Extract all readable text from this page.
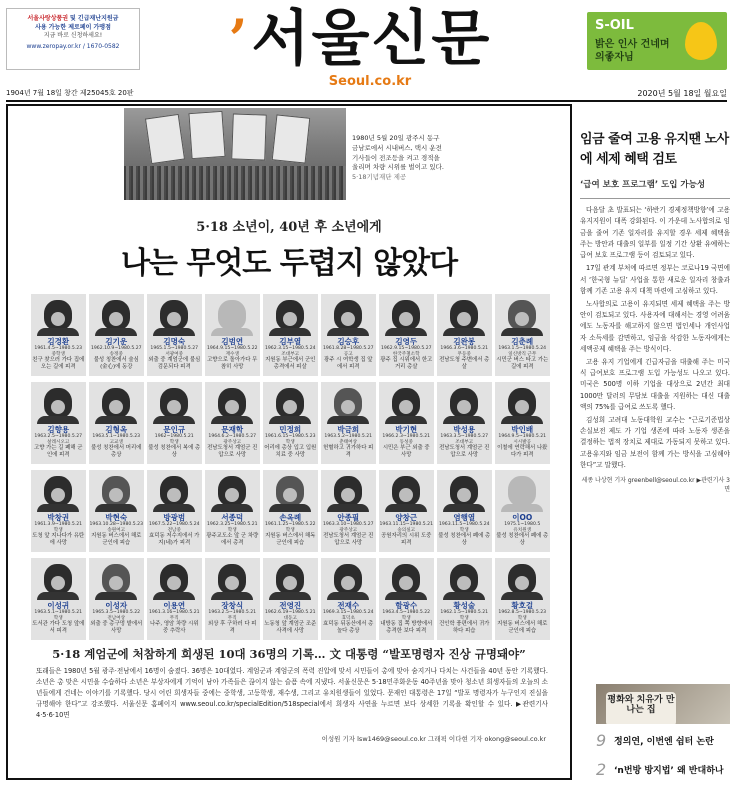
서울사랑상품권 및 긴급재난지원금
사용 가능한 제로페이 가맹점
지금 바로 신청하세요!
www.zeropay.or.kr / 1670-0582	’서울신문
Seoul.co.kr
S-OIL
밝은 인사 건네며
의좋자님
1904년 7월 18일 창간 제25045호 20판	2020년 5월 18일 월요일
1980년 5월 20일 광주시 동구 금남로에서 시내버스, 택시 운전기사들이 전조등을 켜고 경적을 울리며 차량 시위를 벌이고 있다. 5·18기념재단 제공
5·18 소년이, 40년 후 소년에게
나는 무엇도 두렵지 않았다
김경환
1961.4.5~1980.5.23
중학생
친구 찾으러 가다 집에 오는 길에 피격
김기운
1962.10.9~1980.5.27
송정중
불성 칭찬에서 술심(金心)에 동강
김명숙
1965.1.5~1980.5.27
서광여중
외출 중 계엄군에 불심검문되다 피격
김범연
1964.9.15~1980.5.22
재수생
고향으로 돌아가다 무참히 사망
김부열
1962.3.15~1980.5.24
조대부고
지원동 부근에서 군인 총격에서 피살
김승후
1961.8.28~1980.5.27
공고
광주 시 여학생 집 앞에서 피격
김영두
1962.9.15~1980.5.27
한국주철소학
광주 집 시위에서 한고 거리 총살
김완봉
1966.3.6~1980.5.21
무등중
전남도청 주변에서 총살
김춘례
1963.1.5~1980.5.24
일신방직 근무
시민군 버스 타고 가는 길에 피격
김향용
1963.2.5~1980.5.27
살레시오고
고향 가는 길 폐해 군인에 피격
김형옥
1963.5.1~1980.5.23
고교생
불성 칭찬에서 머리에 총상
문인규
1962~1980.5.21
학생
불성 칭찬에서 복에 총상
문재학
1964.6.2~1980.5.27
광주상고
전남도청서 계엄군 진압으로 사망
민정희
1961.6.15~1980.5.23
학생
어리에 총상 입고 입원 치료 중 사망
박금희
1963.5.2~1980.5.21
춘태여상
헌혈하고 귀가하다 피격
박기현
1966.2.3~1980.5.21
동성중
시민은 부근 외출 중 사망
박성용
1963.3.5~1980.5.27
조대부고
전남도청서 계엄군 진압으로 사망
박인배
1964.9.5~1980.5.21
시시발공
이철에 연락해서 나왔다가 피격
박창권
1961.3.9~1980.5.21
학생
도청 앞 지나다가 유탄에 사망
박현숙
1963.10.28~1980.5.23
송원여고
지원동 버스에서 해로 군인에 피습
방광범
1967.5.22~1980.5.24
전남중
효덕동 저수지에서 가지(네)가 피격
서종덕
1962.3.25~1980.5.21
학생
광주교도소 앞 군 차량에서 총격
손옥례
1961.1.25~1980.5.22
학생
지원동 버스에서 해독 군인에 피습
안종필
1963.3.10~1980.5.27
광주상고
전남도청서 계엄군 진압으로 사망
양창근
1963.11.15~1980.5.21
숭의실고
공원자리의 시위 도중 피격
염행열
1963.11.5~1980.5.24
학생
불성 칭찬에서 폐에 총상
이OO
1975.1~1980.5
유치원생
불성 칭찬에서 폐에 총상
이성귀
1963.5.1~1980.5.21
학생
도서관 가다 도청 앞에서 피격
이성자
1965.3.5~1980.5.22
전남여상
외출 중 총구멍 밭에서 사망
이용연
1961.3.16~1980.5.21
무직
나주, 영암 차량 시위 중 추락사
장창식
1963.2.5~1980.5.21
무직
외상 후 구하러 다 피격
전영진
1962.6.19~1980.5.21
대동고
노동청 앞 계엄군 조준 사격에 사망
전재수
1969.3.15~1980.5.24
효덕초
효덕동 뒤동산에서 총 놀다 총상
함광수
1963.4.5~1980.5.22
학생
내방동 집 쪽 방향에서 총격한 보다 피격
황성술
1962.1.5~1980.5.21
학생
건인학 풍편에서 귀가하다 피습
황호걸
1962.8.5~1980.5.23
학생
지원동 버스에서 해로 군인에 피습
5·18 계엄군에 처참하게 희생된 10대 36명의 기록… 文 대통령 “발포명령자 진상 규명돼야”
또래들은 1980년 5월 광주·전남에서 16명이 숨졌다. 36명은 10대였다. 계엄군과 계엄군의 폭력 진압에 맞서 시민들이 총에 맞아 숨지거나 다치는 사건들을 40년 동안 기록했다. 소년은 총 맞은 시민을 수습하다 소년은 부상자에게 기억이 남아 가족들은 끊이지 않는 슬픔 속에 지냈다. 서울신문은 5·18민주화운동 40주년을 맞아 청소년 희생자들의 오늘의 소년들에게 건네는 이야기를 기록했다. 당시 어린 희생자들 중에는 중학생, 고등학생, 재수생, 그리고 유치원생들이 있었다. 문재인 대통령은 17일 “발포 명령자가 누구인지 진실을 규명해야 한다”고 강조했다. 서울신문 홈페이지 www.seoul.co.kr/specialEdition/518special에서 희생자 사연을 누르면 보다 상세한 기록을 확인할 수 있다. ▶관련기사 4·5·6·10면
이성원 기자 lsw1469@seoul.co.kr 그래픽 이다현 기자 okong@seoul.co.kr
임금 줄여 고용 유지땐 노사에 세제 혜택 검토
‘급여 보호 프로그램’ 도입 가능성

다음달 초 발표되는 ‘하반기 경제정책방향’에 고용 유지지원이 대폭 강화된다. 이 가운데 노사합의로 임금을 줄여 기존 일자리를 유지할 경우 세제 혜택을 주는 방안과 대출의 일부를 일정 기간 상환 유예하는 급여 보호 프로그램 등이 검토되고 있다.

17일 관계 부처에 따르면 정부는 코로나19 국면에서 ‘한국형 뉴딜’ 사업을 통한 새로운 일자리 창출과 함께 기존 고용 유지 대책 마련에 고심하고 있다.

노사합의로 고용이 유지되면 세제 혜택을 주는 방안이 검토되고 있다. 사용자에 대해서는 경영 어려움에도 노동자를 해고하지 않으면 법인세나 개인사업자 소득세를 감면하고, 임금을 삭감한 노동자에게는 세액공제 혜택을 주는 방식이다.

고용 유지 기업에게 긴급자금을 대출해 주는 미국식 급여보호 프로그램 도입 가능성도 나오고 있다. 미국은 500명 이하 기업을 대상으로 2년간 최대 1000만 달러의 무담보 대출을 지원하는 대신 대출액의 75%를 급여로 쓰도록 했다.

김성희 고려대 노동대학원 교수는 “근로기준법상 손실보전 제도 가 기업 생존에 따라 노동자 생존을 결정하는 법적 장치로 제대로 가동되지 못하고 있다. 고용유지와 임금 보전이 함께 가는 방식을 고심해야 한다”고 말했다.

세종 나상현 기자 greenbell@seoul.co.kr ▶관련기사 3면
평화와 치유가 만나는 집
9 정의연, 이번엔 쉼터 논란
2 ‘n번방 방지법’ 왜 반대하나
